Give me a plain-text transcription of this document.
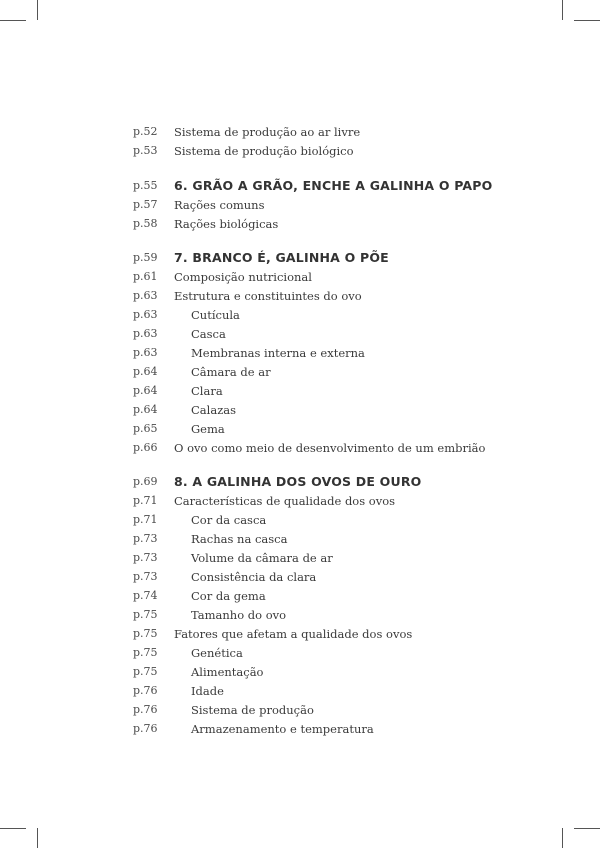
p.52 Sistema de produção ao ar livre
p.53 Sistema de produção biológico
p.55 6. GRÃO A GRÃO, ENCHE A GALINHA O PAPO
p.57 Rações comuns
p.58 Rações biológicas
p.59 7. BRANCO É, GALINHA O PÕE
p.61 Composição nutricional
p.63 Estrutura e constituintes do ovo
p.63	Cutícula
p.63	Casca
p.63	Membranas interna e externa
p.64	Câmara de ar
p.64	Clara
p.64	Calazas
p.65	Gema
p.66 O ovo como meio de desenvolvimento de um embrião
p.69 8. A GALINHA DOS OVOS DE OURO
p.71 Características de qualidade dos ovos
p.71	Cor da casca
p.73	Rachas na casca
p.73	Volume da câmara de ar
p.73	Consistência da clara
p.74	Cor da gema
p.75	Tamanho do ovo
p.75 Fatores que afetam a qualidade dos ovos
p.75	Genética
p.75	Alimentação
p.76	Idade
p.76	Sistema de produção
p.76	Armazenamento e temperatura
